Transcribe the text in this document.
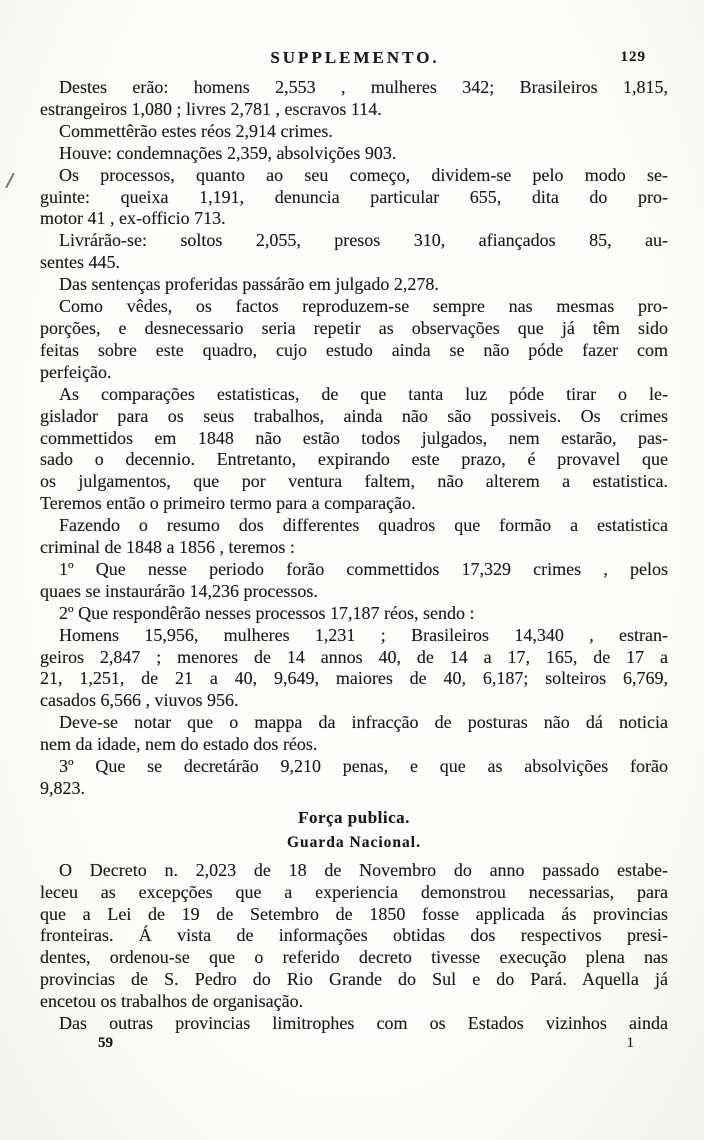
SUPPLEMENTO.	129

Destes erão: homens 2,553 , mulheres 342; Brasileiros 1,815,
estrangeiros 1,080 ; livres 2,781 , escravos 114.

Commettêrão estes réos 2,914 crimes.

Houve: condemnações 2,359, absolvições 903.

Os processos, quanto ao seu começo, dividem-se pelo modo se-
guinte: queixa 1,191, denuncia particular 655, dita do pro-
motor 41 , ex-officio 713.

Livrárão-se: soltos 2,055, presos 310, afiançados 85, au-
sentes 445.

Das sentenças proferidas passárão em julgado 2,278.

Como vêdes, os factos reproduzem-se sempre nas mesmas pro-
porções, e desnecessario seria repetir as observações que já têm sido
feitas sobre este quadro, cujo estudo ainda se não póde fazer com
perfeição.

As comparações estatisticas, de que tanta luz póde tirar o le-
gislador para os seus trabalhos, ainda não são possiveis. Os crimes
commettidos em 1848 não estão todos julgados, nem estarão, pas-
sado o decennio. Entretanto, expirando este prazo, é provavel que
os julgamentos, que por ventura faltem, não alterem a estatistica.
Teremos então o primeiro termo para a comparação.

Fazendo o resumo dos differentes quadros que formão a estatistica
criminal de 1848 a 1856 , teremos :

1º Que nesse periodo forão commettidos 17,329 crimes , pelos
quaes se instaurárão 14,236 processos.

2º Que respondêrão nesses processos 17,187 réos, sendo :

Homens 15,956, mulheres 1,231 ; Brasileiros 14,340 , estran-
geiros 2,847 ; menores de 14 annos 40, de 14 a 17, 165, de 17 a
21, 1,251, de 21 a 40, 9,649, maiores de 40, 6,187; solteiros 6,769,
casados 6,566 , viuvos 956.

Deve-se notar que o mappa da infracção de posturas não dá noticia
nem da idade, nem do estado dos réos.

3º Que se decretárão 9,210 penas, e que as absolvições forão
9,823.

Força publica.
Guarda Nacional.

O Decreto n. 2,023 de 18 de Novembro do anno passado estabe-
leceu as excepções que a experiencia demonstrou necessarias, para
que a Lei de 19 de Setembro de 1850 fosse applicada ás provincias
fronteiras. Á vista de informações obtidas dos respectivos presi-
dentes, ordenou-se que o referido decreto tivesse execução plena nas
provincias de S. Pedro do Rio Grande do Sul e do Pará. Aquella já
encetou os trabalhos de organisação.

Das outras provincias limitrophes com os Estados vizinhos ainda

59	1
